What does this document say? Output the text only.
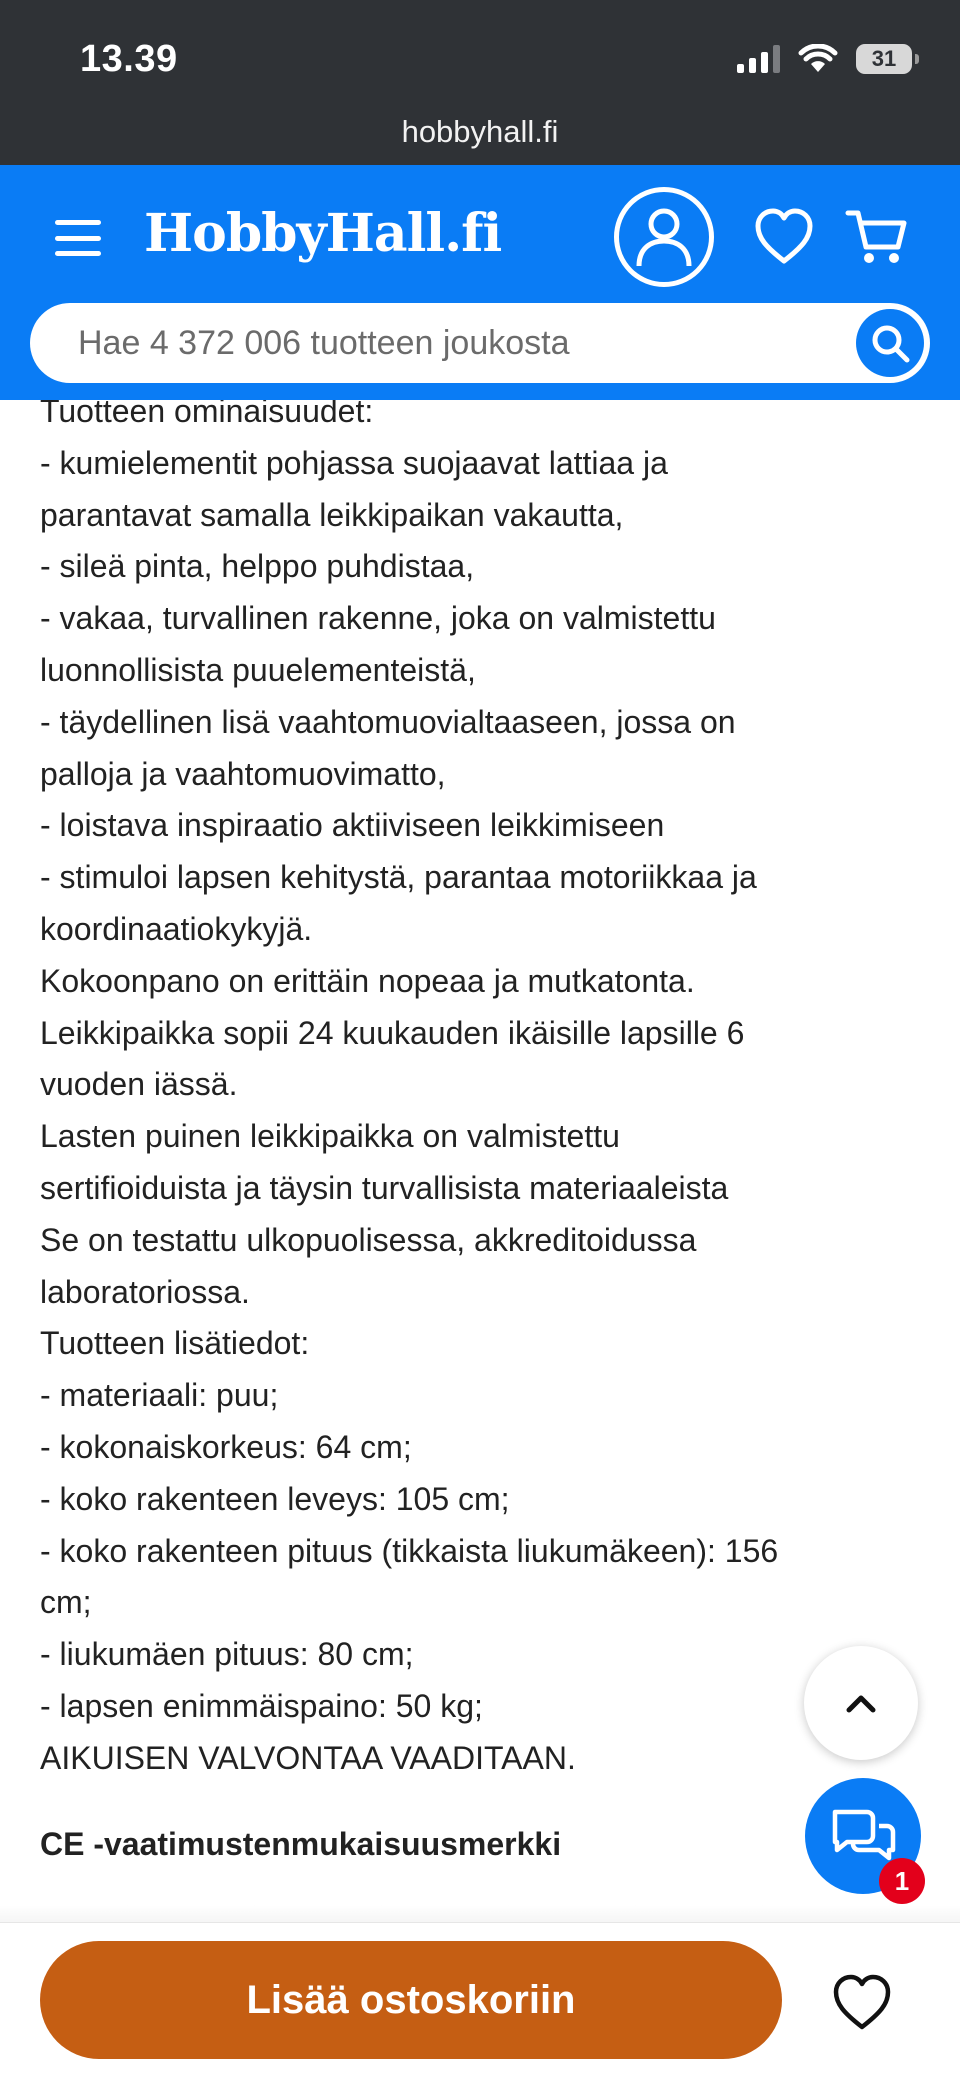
13.39	31
hobbyhall.fi
HobbyHall.fi
Hae 4 372 006 tuotteen joukosta
Tuotteen ominaisuudet:
- kumielementit pohjassa suojaavat lattiaa ja
parantavat samalla leikkipaikan vakautta,
- sileä pinta, helppo puhdistaa,
- vakaa, turvallinen rakenne, joka on valmistettu
luonnollisista puuelementeistä,
- täydellinen lisä vaahtomuovialtaaseen, jossa on
palloja ja vaahtomuovimatto,
- loistava inspiraatio aktiiviseen leikkimiseen
- stimuloi lapsen kehitystä, parantaa motoriikkaa ja
koordinaatiokykyjä.
Kokoonpano on erittäin nopeaa ja mutkatonta.
Leikkipaikka sopii 24 kuukauden ikäisille lapsille 6
vuoden iässä.
Lasten puinen leikkipaikka on valmistettu
sertifioiduista ja täysin turvallisista materiaaleista
Se on testattu ulkopuolisessa, akkreditoidussa
laboratoriossa.
Tuotteen lisätiedot:
- materiaali: puu;
- kokonaiskorkeus: 64 cm;
- koko rakenteen leveys: 105 cm;
- koko rakenteen pituus (tikkaista liukumäkeen): 156
cm;
- liukumäen pituus: 80 cm;
- lapsen enimmäispaino: 50 kg;
AIKUISEN VALVONTAA VAADITAAN.
CE -vaatimustenmukaisuusmerkki
1
Lisää ostoskoriin
